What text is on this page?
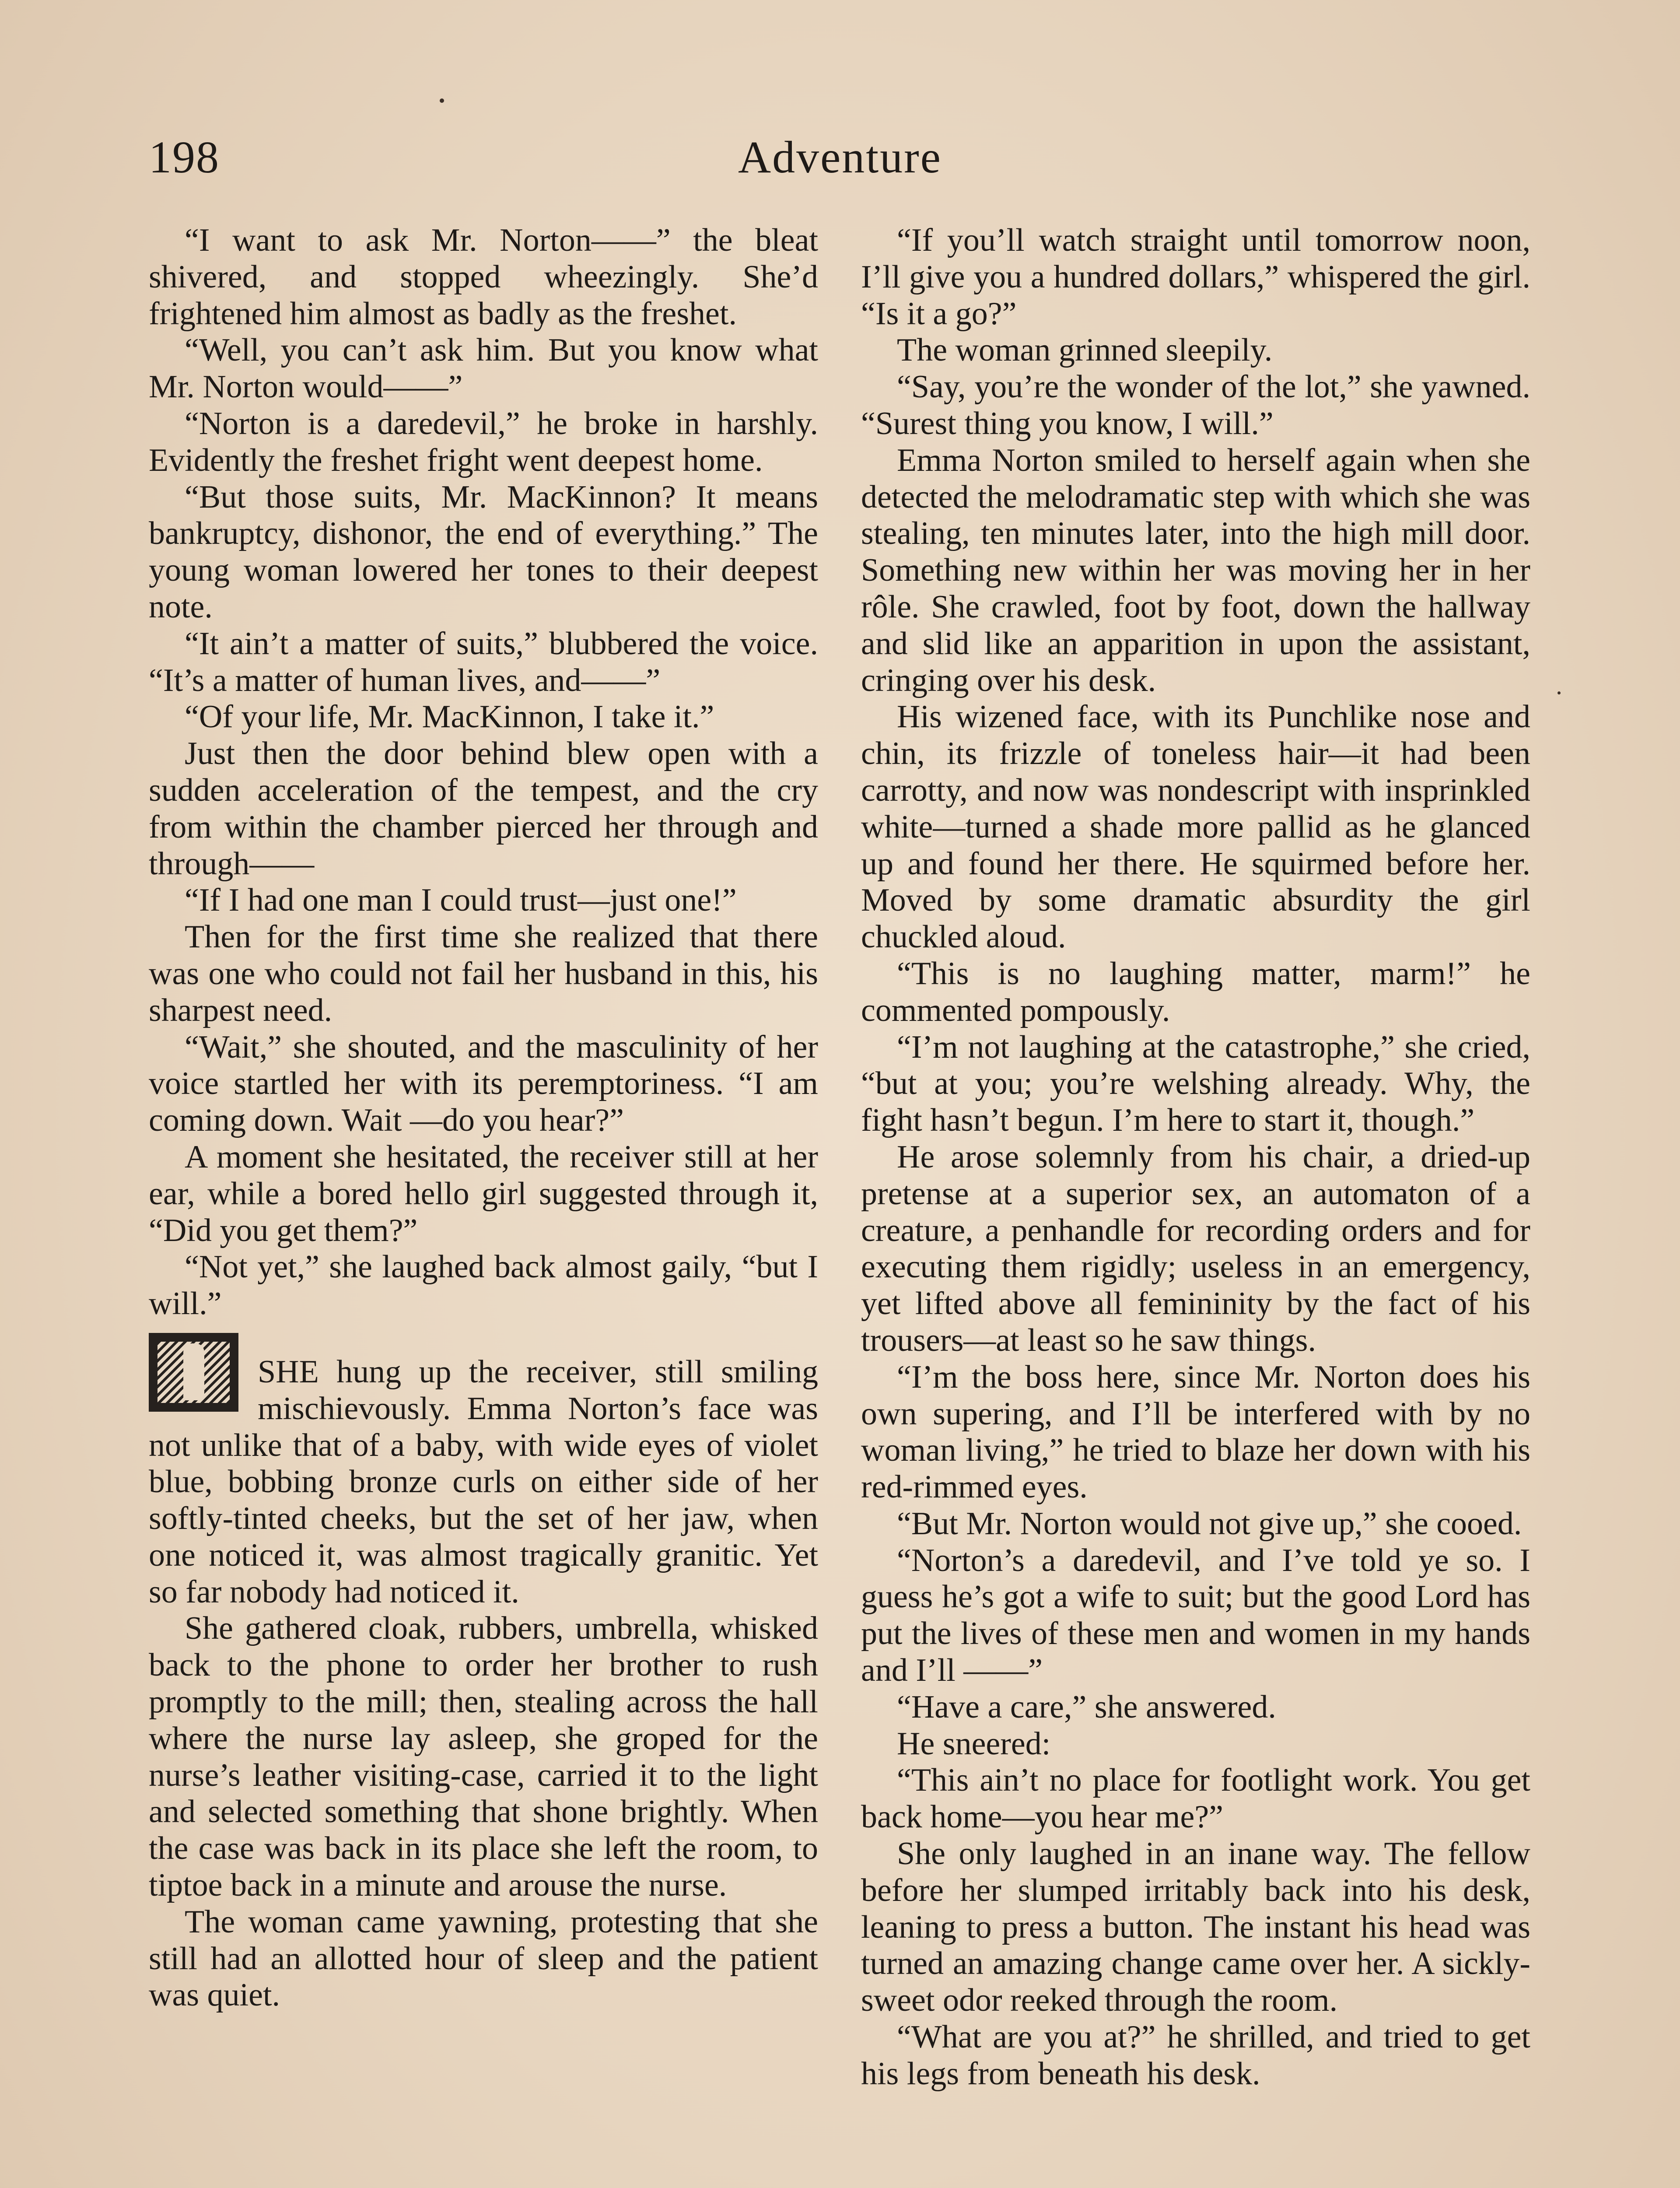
198	Adventure

“I want to ask Mr. Norton——” the bleat shivered, and stopped wheezingly. She’d frightened him almost as badly as the freshet.

“Well, you can’t ask him. But you know what Mr. Norton would——”

“Norton is a daredevil,” he broke in harshly. Evidently the freshet fright went deepest home.

“But those suits, Mr. MacKinnon? It means bankruptcy, dishonor, the end of everything.” The young woman lowered her tones to their deepest note.

“It ain’t a matter of suits,” blubbered the voice. “It’s a matter of human lives, and——”

“Of your life, Mr. MacKinnon, I take it.”

Just then the door behind blew open with a sudden acceleration of the tempest, and the cry from within the chamber pierced her through and through——

“If I had one man I could trust—just one!”

Then for the first time she realized that there was one who could not fail her husband in this, his sharpest need.

“Wait,” she shouted, and the masculinity of her voice startled her with its peremptoriness. “I am coming down. Wait —do you hear?”

A moment she hesitated, the receiver still at her ear, while a bored hello girl suggested through it, “Did you get them?”

“Not yet,” she laughed back almost gaily, “but I will.”

SHE hung up the receiver, still smiling mischievously. Emma Norton’s face was not unlike that of a baby, with wide eyes of violet blue, bobbing bronze curls on either side of her softly-tinted cheeks, but the set of her jaw, when one noticed it, was almost tragically granitic. Yet so far nobody had noticed it.

She gathered cloak, rubbers, umbrella, whisked back to the phone to order her brother to rush promptly to the mill; then, stealing across the hall where the nurse lay asleep, she groped for the nurse’s leather visiting-case, carried it to the light and selected something that shone brightly. When the case was back in its place she left the room, to tiptoe back in a minute and arouse the nurse.

The woman came yawning, protesting that she still had an allotted hour of sleep and the patient was quiet.

“If you’ll watch straight until tomorrow noon, I’ll give you a hundred dollars,” whispered the girl. “Is it a go?”

The woman grinned sleepily.

“Say, you’re the wonder of the lot,” she yawned. “Surest thing you know, I will.”

Emma Norton smiled to herself again when she detected the melodramatic step with which she was stealing, ten minutes later, into the high mill door. Something new within her was moving her in her rôle. She crawled, foot by foot, down the hallway and slid like an apparition in upon the assistant, cringing over his desk.

His wizened face, with its Punchlike nose and chin, its frizzle of toneless hair—it had been carrotty, and now was nondescript with insprinkled white—turned a shade more pallid as he glanced up and found her there. He squirmed before her. Moved by some dramatic absurdity the girl chuckled aloud.

“This is no laughing matter, marm!” he commented pompously.

“I’m not laughing at the catastrophe,” she cried, “but at you; you’re welshing already. Why, the fight hasn’t begun. I’m here to start it, though.”

He arose solemnly from his chair, a dried-up pretense at a superior sex, an automaton of a creature, a penhandle for recording orders and for executing them rigidly; useless in an emergency, yet lifted above all femininity by the fact of his trousers—at least so he saw things.

“I’m the boss here, since Mr. Norton does his own supering, and I’ll be interfered with by no woman living,” he tried to blaze her down with his red-rimmed eyes.

“But Mr. Norton would not give up,” she cooed.

“Norton’s a daredevil, and I’ve told ye so. I guess he’s got a wife to suit; but the good Lord has put the lives of these men and women in my hands and I’ll ——”

“Have a care,” she answered.

He sneered:

“This ain’t no place for footlight work. You get back home—you hear me?”

She only laughed in an inane way. The fellow before her slumped irritably back into his desk, leaning to press a button. The instant his head was turned an amazing change came over her. A sickly-sweet odor reeked through the room.

“What are you at?” he shrilled, and tried to get his legs from beneath his desk.
